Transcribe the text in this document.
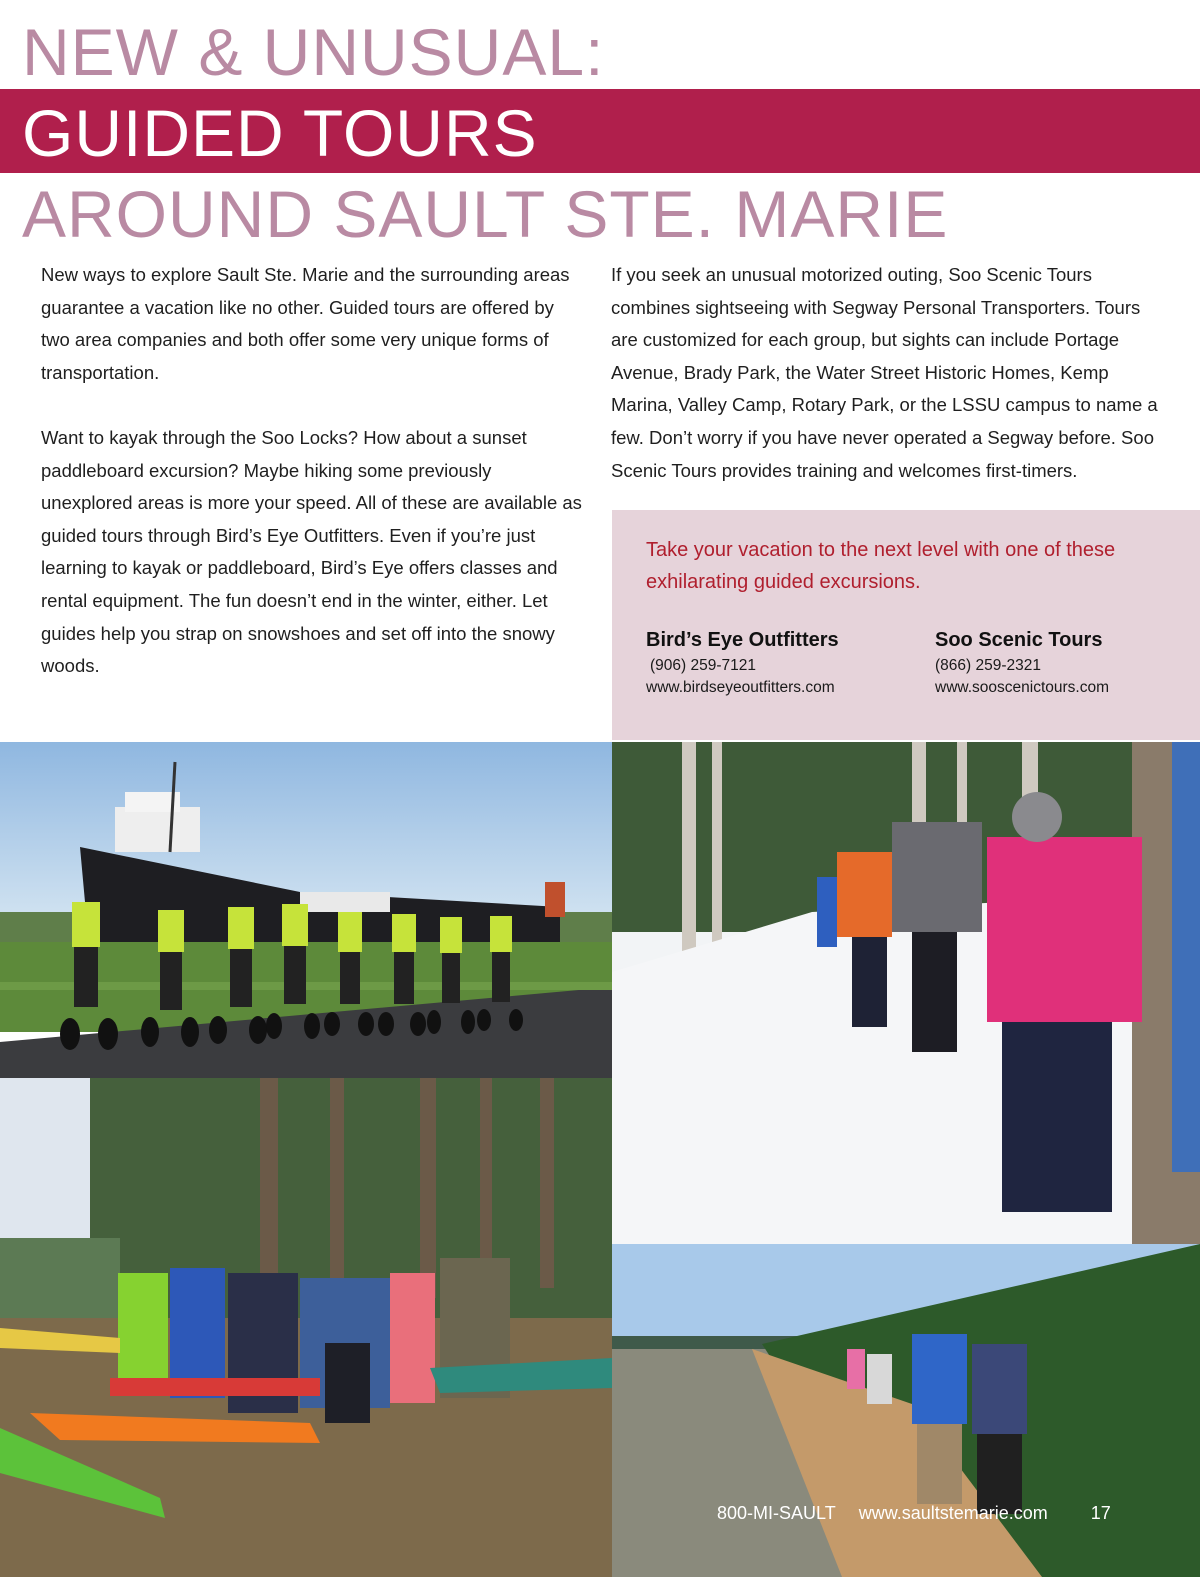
NEW & UNUSUAL:
GUIDED TOURS
AROUND SAULT STE. MARIE

New ways to explore Sault Ste. Marie and the surrounding areas guarantee a vacation like no other. Guided tours are offered by two area companies and both offer some very unique forms of transportation.

Want to kayak through the Soo Locks? How about a sunset paddleboard excursion? Maybe hiking some previously unexplored areas is more your speed. All of these are available as guided tours through Bird’s Eye Outfitters. Even if you’re just learning to kayak or paddleboard, Bird’s Eye offers classes and rental equipment. The fun doesn’t end in the winter, either. Let guides help you strap on snowshoes and set off into the snowy woods.

If you seek an unusual motorized outing, Soo Scenic Tours combines sightseeing with Segway Personal Transporters. Tours are customized for each group, but sights can include Portage Avenue, Brady Park, the Water Street Historic Homes, Kemp Marina, Valley Camp, Rotary Park, or the LSSU campus to name a few. Don’t worry if you have never operated a Segway before. Soo Scenic Tours provides training and welcomes first-timers.

Take your vacation to the next level with one of these exhilarating guided excursions.
Bird’s Eye Outfitters
(906) 259-7121
www.birdseyeoutfitters.com
Soo Scenic Tours
(866) 259-2321
www.sooscenictours.com
800-MI-SAULT www.saultstemarie.com 17
